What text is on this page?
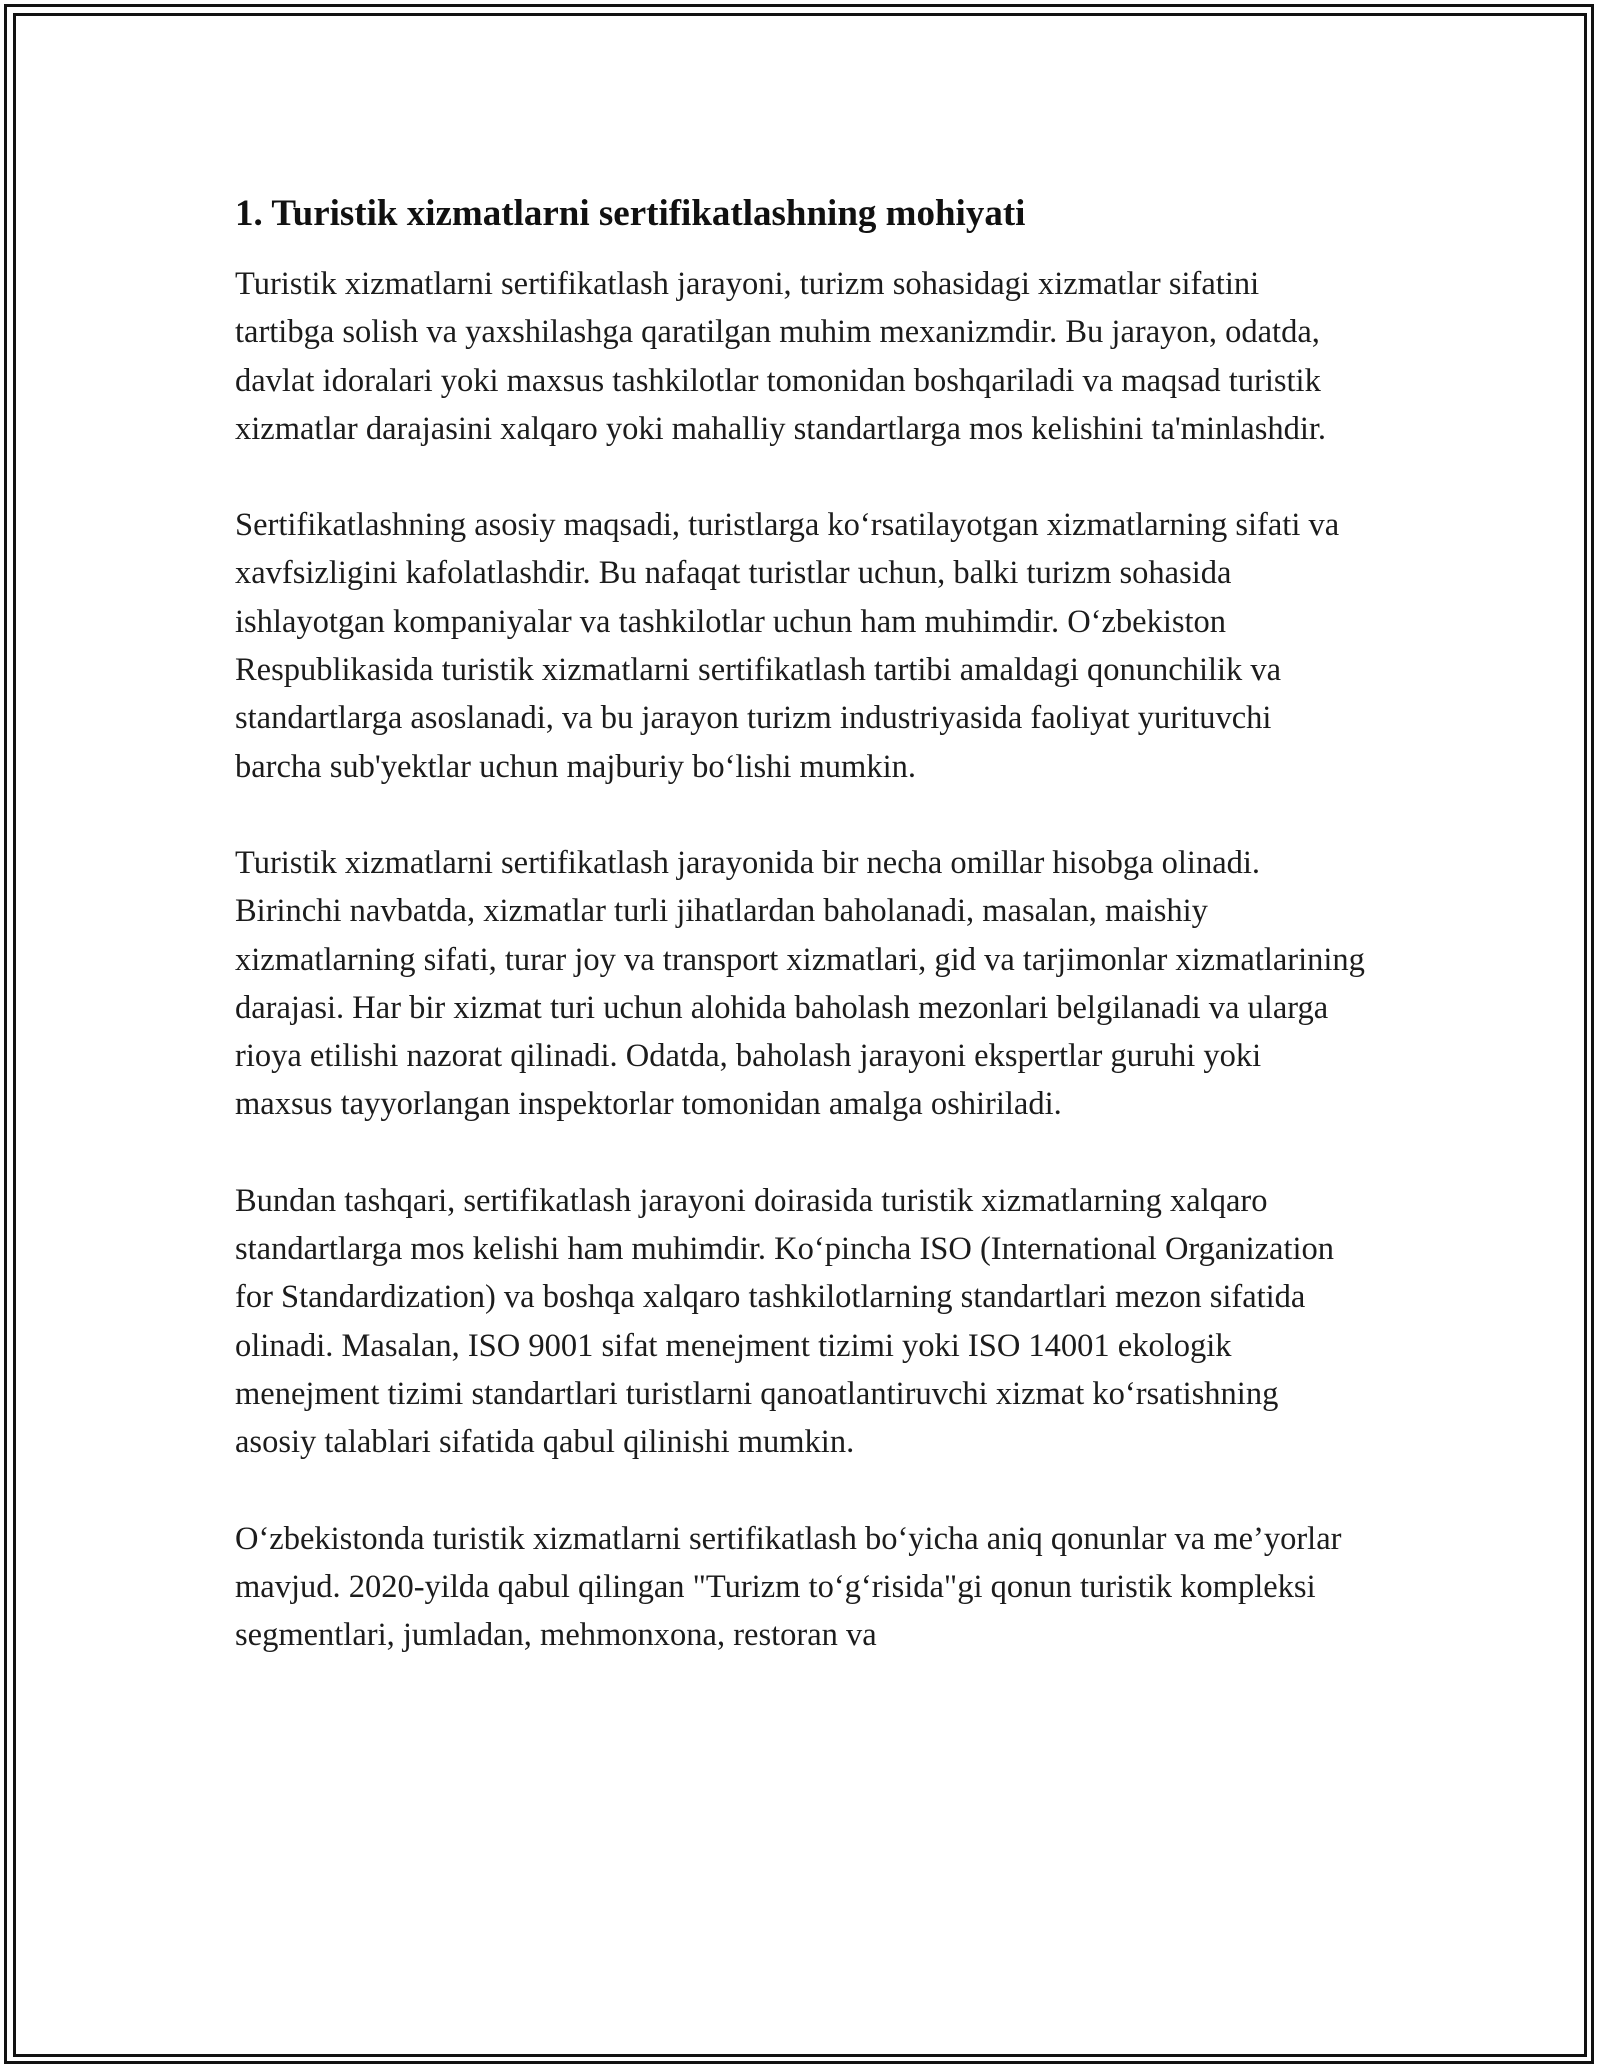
1. Turistik xizmatlarni sertifikatlashning mohiyati

Turistik xizmatlarni sertifikatlash jarayoni, turizm sohasidagi xizmatlar sifatini tartibga solish va yaxshilashga qaratilgan muhim mexanizmdir. Bu jarayon, odatda, davlat idoralari yoki maxsus tashkilotlar tomonidan boshqariladi va maqsad turistik xizmatlar darajasini xalqaro yoki mahalliy standartlarga mos kelishini ta'minlashdir.

Sertifikatlashning asosiy maqsadi, turistlarga ko‘rsatilayotgan xizmatlarning sifati va xavfsizligini kafolatlashdir. Bu nafaqat turistlar uchun, balki turizm sohasida ishlayotgan kompaniyalar va tashkilotlar uchun ham muhimdir. O‘zbekiston Respublikasida turistik xizmatlarni sertifikatlash tartibi amaldagi qonunchilik va standartlarga asoslanadi, va bu jarayon turizm industriyasida faoliyat yurituvchi barcha sub'yektlar uchun majburiy bo‘lishi mumkin.

Turistik xizmatlarni sertifikatlash jarayonida bir necha omillar hisobga olinadi. Birinchi navbatda, xizmatlar turli jihatlardan baholanadi, masalan, maishiy xizmatlarning sifati, turar joy va transport xizmatlari, gid va tarjimonlar xizmatlarining darajasi. Har bir xizmat turi uchun alohida baholash mezonlari belgilanadi va ularga rioya etilishi nazorat qilinadi. Odatda, baholash jarayoni ekspertlar guruhi yoki maxsus tayyorlangan inspektorlar tomonidan amalga oshiriladi.

Bundan tashqari, sertifikatlash jarayoni doirasida turistik xizmatlarning xalqaro standartlarga mos kelishi ham muhimdir. Ko‘pincha ISO (International Organization for Standardization) va boshqa xalqaro tashkilotlarning standartlari mezon sifatida olinadi. Masalan, ISO 9001 sifat menejment tizimi yoki ISO 14001 ekologik menejment tizimi standartlari turistlarni qanoatlantiruvchi xizmat ko‘rsatishning asosiy talablari sifatida qabul qilinishi mumkin.

O‘zbekistonda turistik xizmatlarni sertifikatlash bo‘yicha aniq qonunlar va me’yorlar mavjud. 2020-yilda qabul qilingan "Turizm to‘g‘risida"gi qonun turistik kompleksi segmentlari, jumladan, mehmonxona, restoran va
